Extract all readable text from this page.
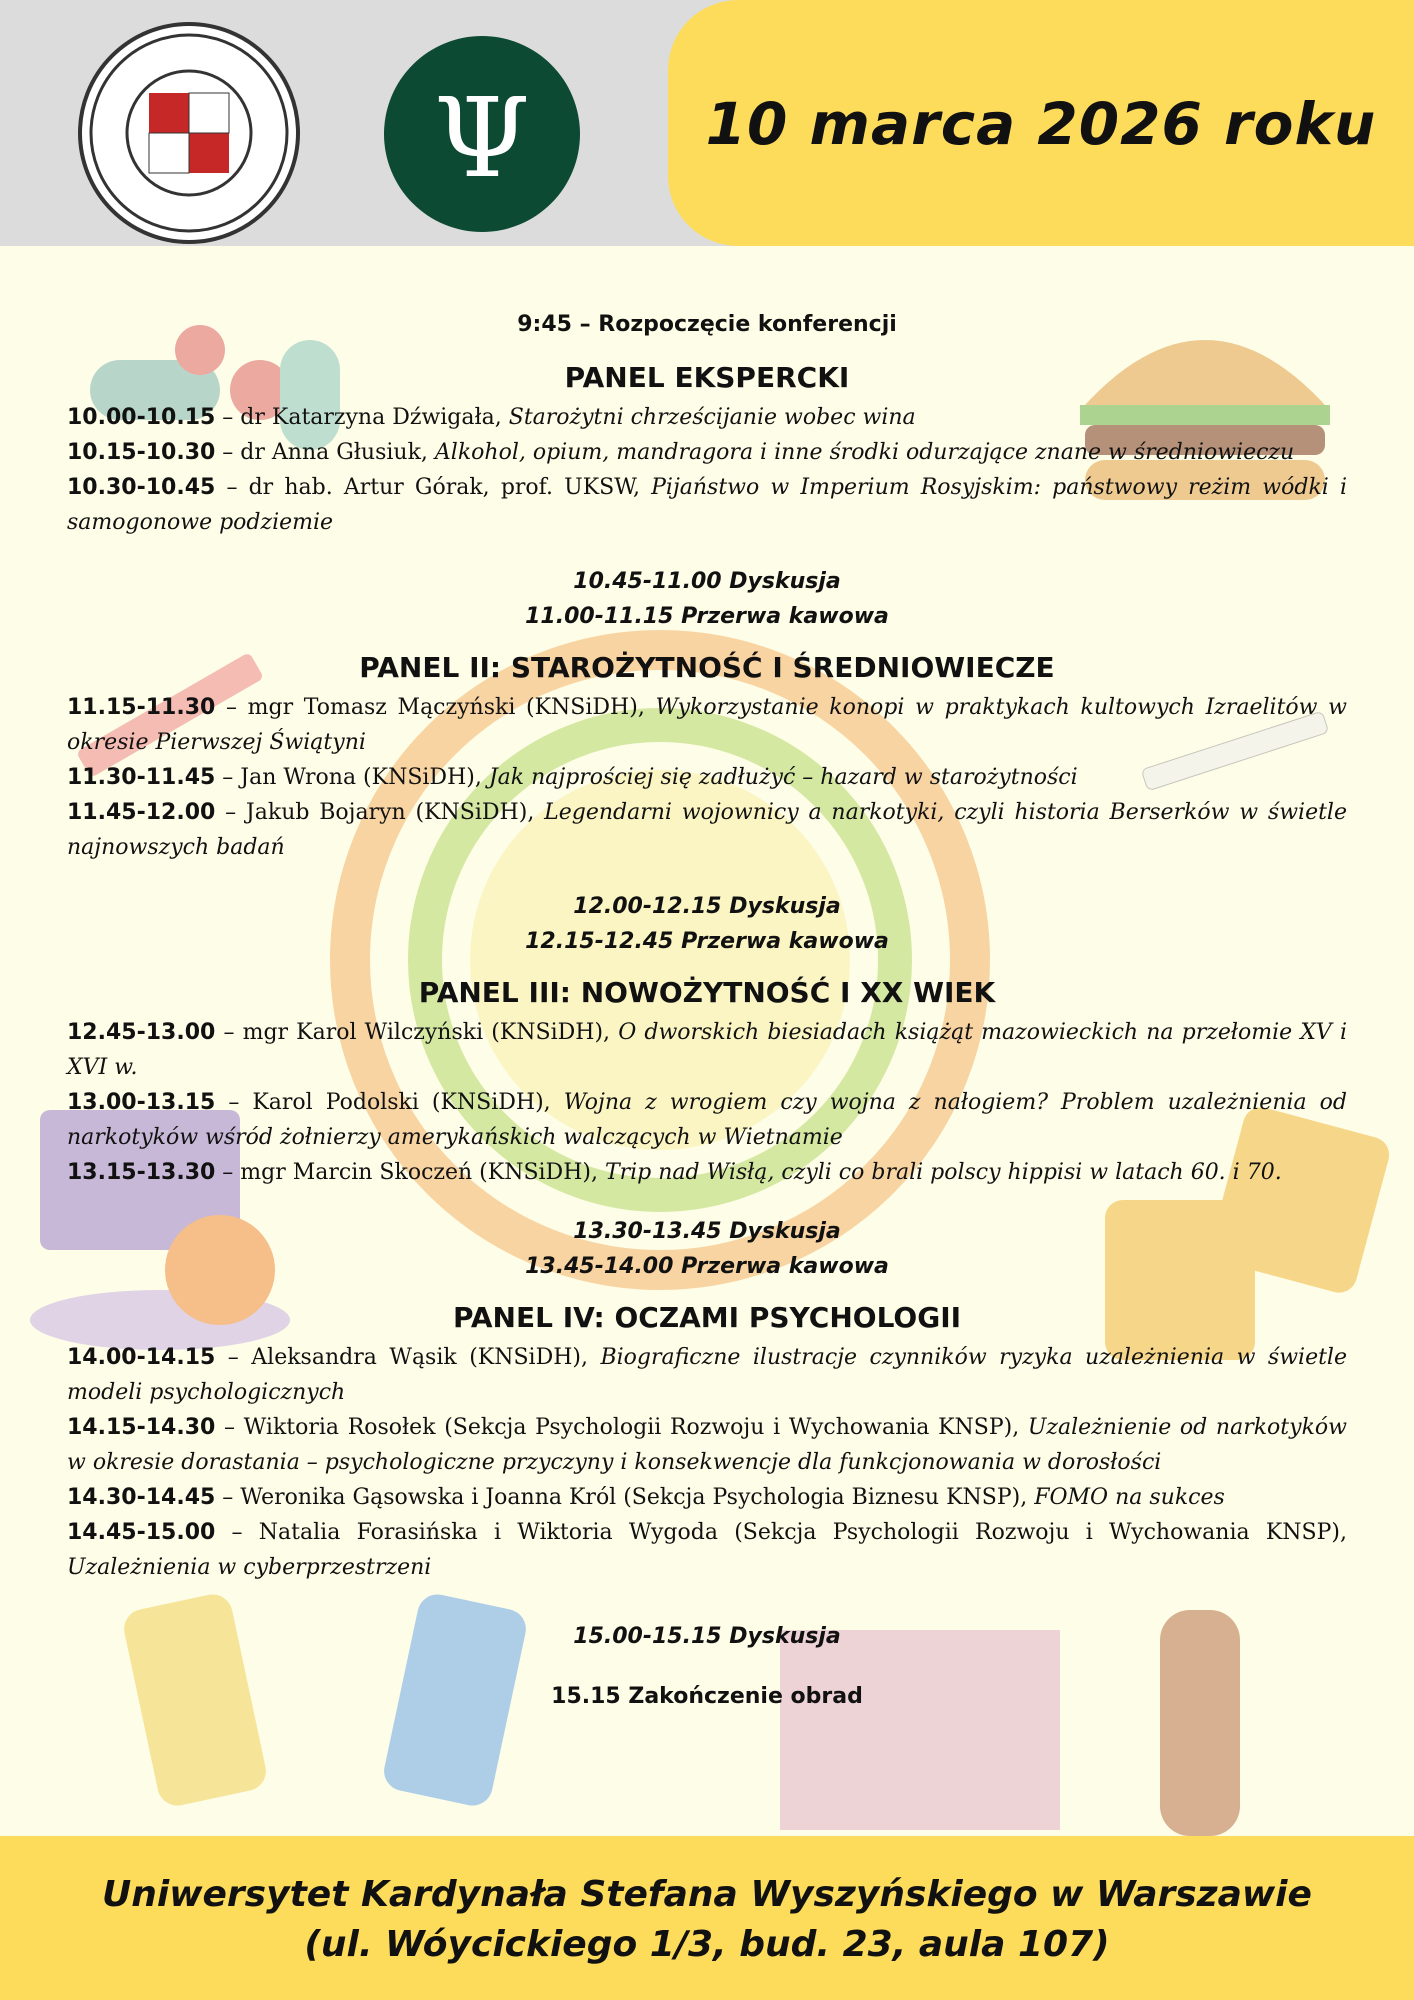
Ψ	10 marca 2026 roku
9:45 – Rozpoczęcie konferencji
PANEL EKSPERCKI
10.00-10.15 – dr Katarzyna Dźwigała, Starożytni chrześcijanie wobec wina
10.15-10.30 – dr Anna Głusiuk, Alkohol, opium, mandragora i inne środki odurzające znane w średniowieczu
10.30-10.45 – dr hab. Artur Górak, prof. UKSW, Pijaństwo w Imperium Rosyjskim: państwowy reżim wódki i samogonowe podziemie
10.45-11.00 Dyskusja
11.00-11.15 Przerwa kawowa
PANEL II: STAROŻYTNOŚĆ I ŚREDNIOWIECZE
11.15-11.30 – mgr Tomasz Mączyński (KNSiDH), Wykorzystanie konopi w praktykach kultowych Izraelitów w okresie Pierwszej Świątyni
11.30-11.45 – Jan Wrona (KNSiDH), Jak najprościej się zadłużyć – hazard w starożytności
11.45-12.00 – Jakub Bojaryn (KNSiDH), Legendarni wojownicy a narkotyki, czyli historia Berserków w świetle najnowszych badań
12.00-12.15 Dyskusja
12.15-12.45 Przerwa kawowa
PANEL III: NOWOŻYTNOŚĆ I XX WIEK
12.45-13.00 – mgr Karol Wilczyński (KNSiDH), O dworskich biesiadach książąt mazowieckich na przełomie XV i XVI w.
13.00-13.15 – Karol Podolski (KNSiDH), Wojna z wrogiem czy wojna z nałogiem? Problem uzależnienia od narkotyków wśród żołnierzy amerykańskich walczących w Wietnamie
13.15-13.30 – mgr Marcin Skoczeń (KNSiDH), Trip nad Wisłą, czyli co brali polscy hippisi w latach 60. i 70.
13.30-13.45 Dyskusja
13.45-14.00 Przerwa kawowa
PANEL IV: OCZAMI PSYCHOLOGII
14.00-14.15 – Aleksandra Wąsik (KNSiDH), Biograficzne ilustracje czynników ryzyka uzależnienia w świetle modeli psychologicznych
14.15-14.30 – Wiktoria Rosołek (Sekcja Psychologii Rozwoju i Wychowania KNSP), Uzależnienie od narkotyków w okresie dorastania – psychologiczne przyczyny i konsekwencje dla funkcjonowania w dorosłości
14.30-14.45 – Weronika Gąsowska i Joanna Król (Sekcja Psychologia Biznesu KNSP), FOMO na sukces
14.45-15.00 – Natalia Forasińska i Wiktoria Wygoda (Sekcja Psychologii Rozwoju i Wychowania KNSP), Uzależnienia w cyberprzestrzeni
15.00-15.15 Dyskusja
15.15 Zakończenie obrad
Uniwersytet Kardynała Stefana Wyszyńskiego w Warszawie
(ul. Wóycickiego 1/3, bud. 23, aula 107)
